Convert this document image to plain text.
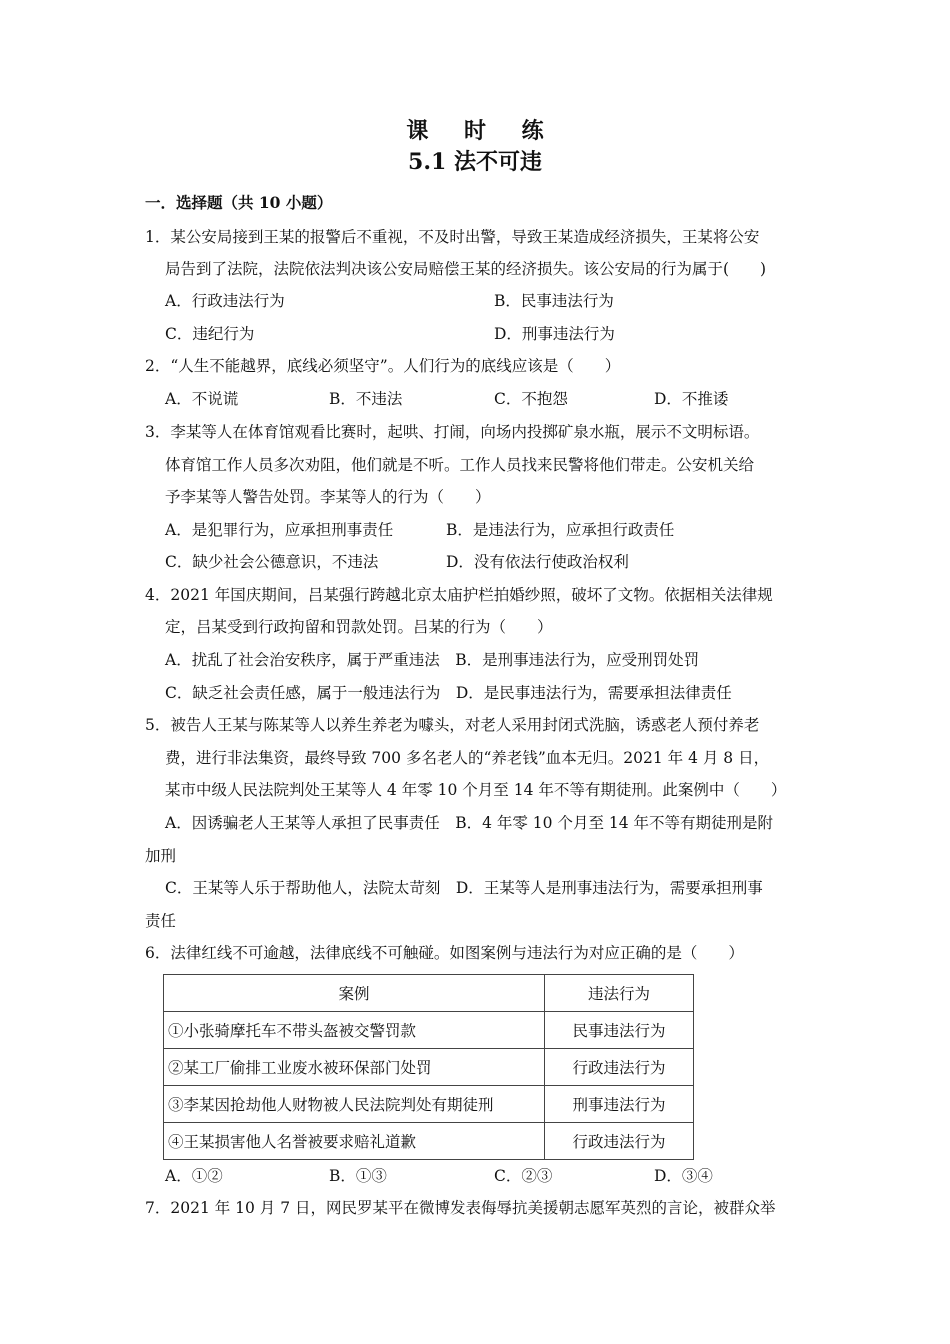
课 时 练
5.1 法不可违
一．选择题（共 10 小题）
1．某公安局接到王某的报警后不重视，不及时出警，导致王某造成经济损失，王某将公安
局告到了法院，法院依法判决该公安局赔偿王某的经济损失。该公安局的行为属于(　　)
A．行政违法行为	B．民事违法行为
C．违纪行为	D．刑事违法行为
2．“人生不能越界，底线必须坚守”。人们行为的底线应该是（　　）
A．不说谎	B．不违法	C．不抱怨	D．不推诿
3．李某等人在体育馆观看比赛时，起哄、打闹，向场内投掷矿泉水瓶，展示不文明标语。
体育馆工作人员多次劝阻，他们就是不听。工作人员找来民警将他们带走。公安机关给
予李某等人警告处罚。李某等人的行为（　　）
A．是犯罪行为，应承担刑事责任	B．是违法行为，应承担行政责任
C．缺少社会公德意识，不违法	D．没有依法行使政治权利
4．2021 年国庆期间，吕某强行跨越北京太庙护栏拍婚纱照，破坏了文物。依据相关法律规
定，吕某受到行政拘留和罚款处罚。吕某的行为（　　）
A．扰乱了社会治安秩序，属于严重违法　B．是刑事违法行为，应受刑罚处罚
C．缺乏社会责任感，属于一般违法行为　D．是民事违法行为，需要承担法律责任
5．被告人王某与陈某等人以养生养老为噱头，对老人采用封闭式洗脑，诱惑老人预付养老
费，进行非法集资，最终导致 700 多名老人的“养老钱”血本无归。2021 年 4 月 8 日，
某市中级人民法院判处王某等人 4 年零 10 个月至 14 年不等有期徒刑。此案例中（　　）
A．因诱骗老人王某等人承担了民事责任　B．4 年零 10 个月至 14 年不等有期徒刑是附
加刑
C．王某等人乐于帮助他人，法院太苛刻　D．王某等人是刑事违法行为，需要承担刑事
责任
6．法律红线不可逾越，法律底线不可触碰。如图案例与违法行为对应正确的是（　　）
案例	违法行为
①小张骑摩托车不带头盔被交警罚款	民事违法行为
②某工厂偷排工业废水被环保部门处罚	行政违法行为
③李某因抢劫他人财物被人民法院判处有期徒刑	刑事违法行为
④王某损害他人名誉被要求赔礼道歉	行政违法行为
A．①②	B．①③	C．②③	D．③④
7．2021 年 10 月 7 日，网民罗某平在微博发表侮辱抗美援朝志愿军英烈的言论，被群众举
